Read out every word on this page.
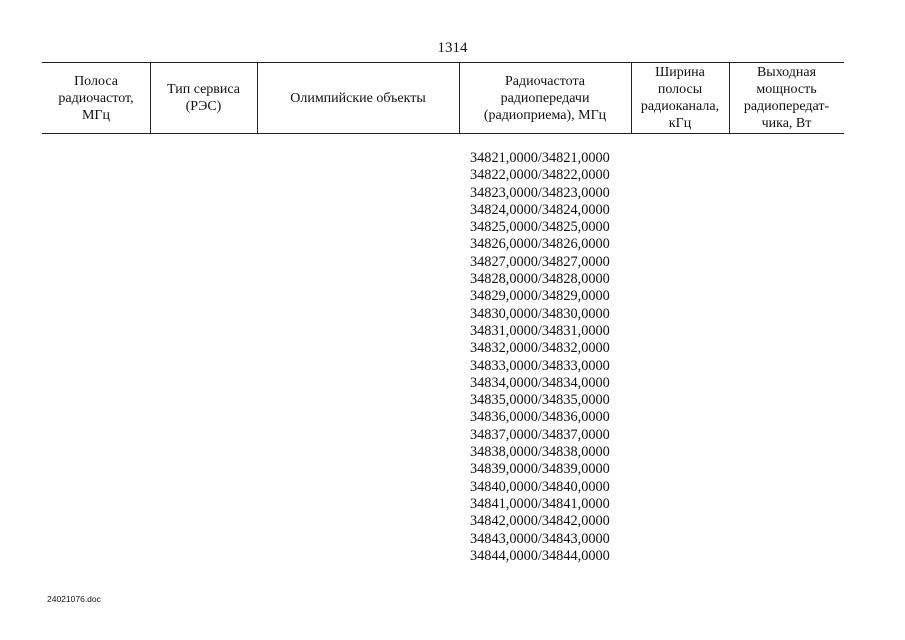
1314
Полоса
радиочастот,
МГц
Тип сервиса
(РЭС)
Олимпийские объекты
Радиочастота
радиопередачи
(радиоприема), МГц
Ширина
полосы
радиоканала,
кГц
Выходная
мощность
радиопередат-
чика, Вт
34821,0000/34821,0000
34822,0000/34822,0000
34823,0000/34823,0000
34824,0000/34824,0000
34825,0000/34825,0000
34826,0000/34826,0000
34827,0000/34827,0000
34828,0000/34828,0000
34829,0000/34829,0000
34830,0000/34830,0000
34831,0000/34831,0000
34832,0000/34832,0000
34833,0000/34833,0000
34834,0000/34834,0000
34835,0000/34835,0000
34836,0000/34836,0000
34837,0000/34837,0000
34838,0000/34838,0000
34839,0000/34839,0000
34840,0000/34840,0000
34841,0000/34841,0000
34842,0000/34842,0000
34843,0000/34843,0000
34844,0000/34844,0000
24021076.doc
